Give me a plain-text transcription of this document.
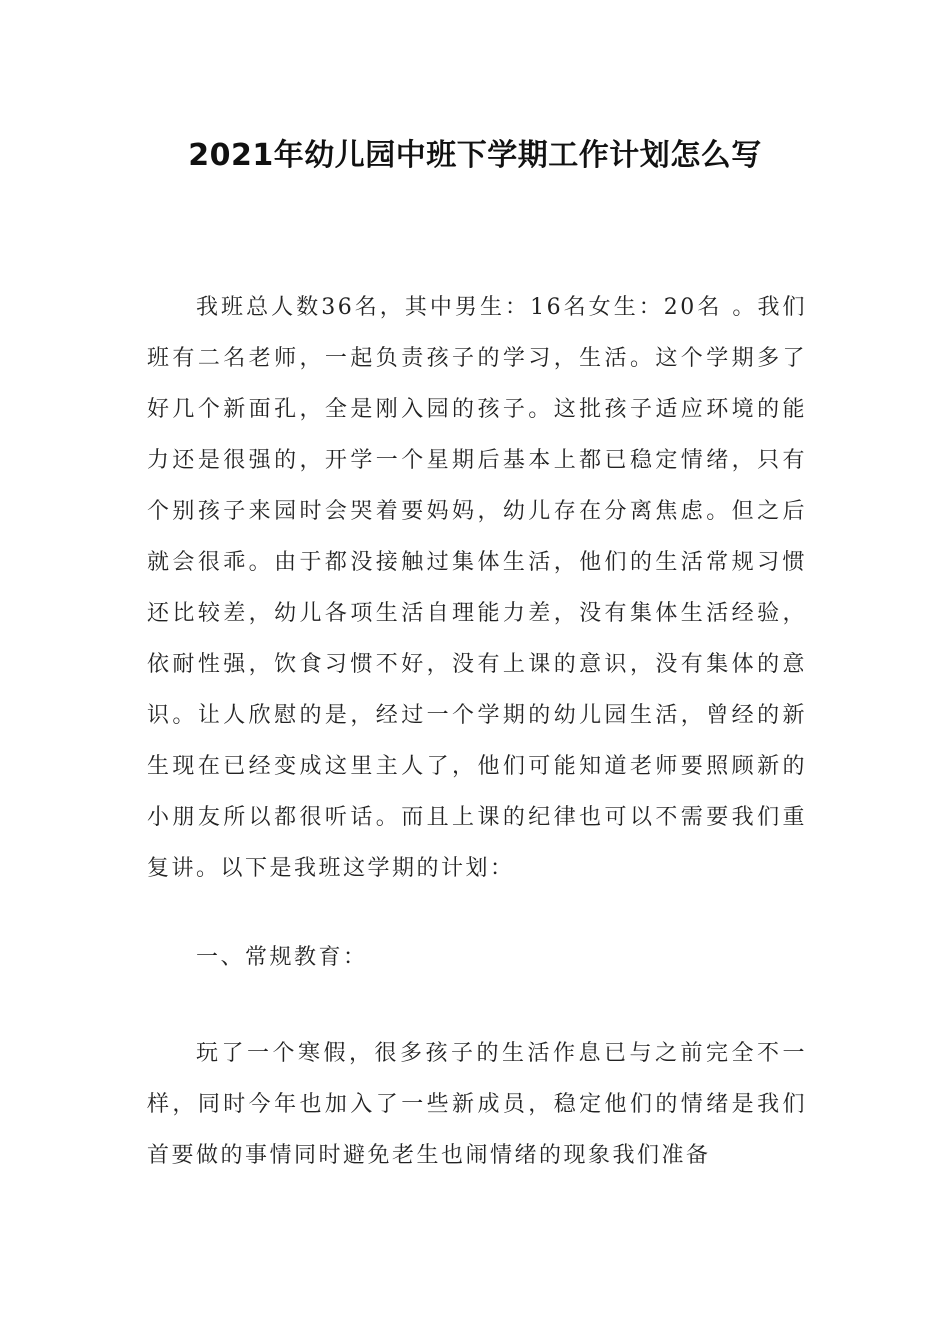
2021年幼儿园中班下学期工作计划怎么写

我班总人数36名，其中男生：16名女生：20名 。我们班有二名老师，一起负责孩子的学习，生活。这个学期多了好几个新面孔，全是刚入园的孩子。这批孩子适应环境的能力还是很强的，开学一个星期后基本上都已稳定情绪，只有个别孩子来园时会哭着要妈妈，幼儿存在分离焦虑。但之后就会很乖。由于都没接触过集体生活，他们的生活常规习惯还比较差，幼儿各项生活自理能力差，没有集体生活经验，依耐性强，饮食习惯不好，没有上课的意识，没有集体的意识。让人欣慰的是，经过一个学期的幼儿园生活，曾经的新生现在已经变成这里主人了，他们可能知道老师要照顾新的小朋友所以都很听话。而且上课的纪律也可以不需要我们重复讲。以下是我班这学期的计划：

一、常规教育：

玩了一个寒假，很多孩子的生活作息已与之前完全不一样，同时今年也加入了一些新成员，稳定他们的情绪是我们首要做的事情同时避免老生也闹情绪的现象我们准备
